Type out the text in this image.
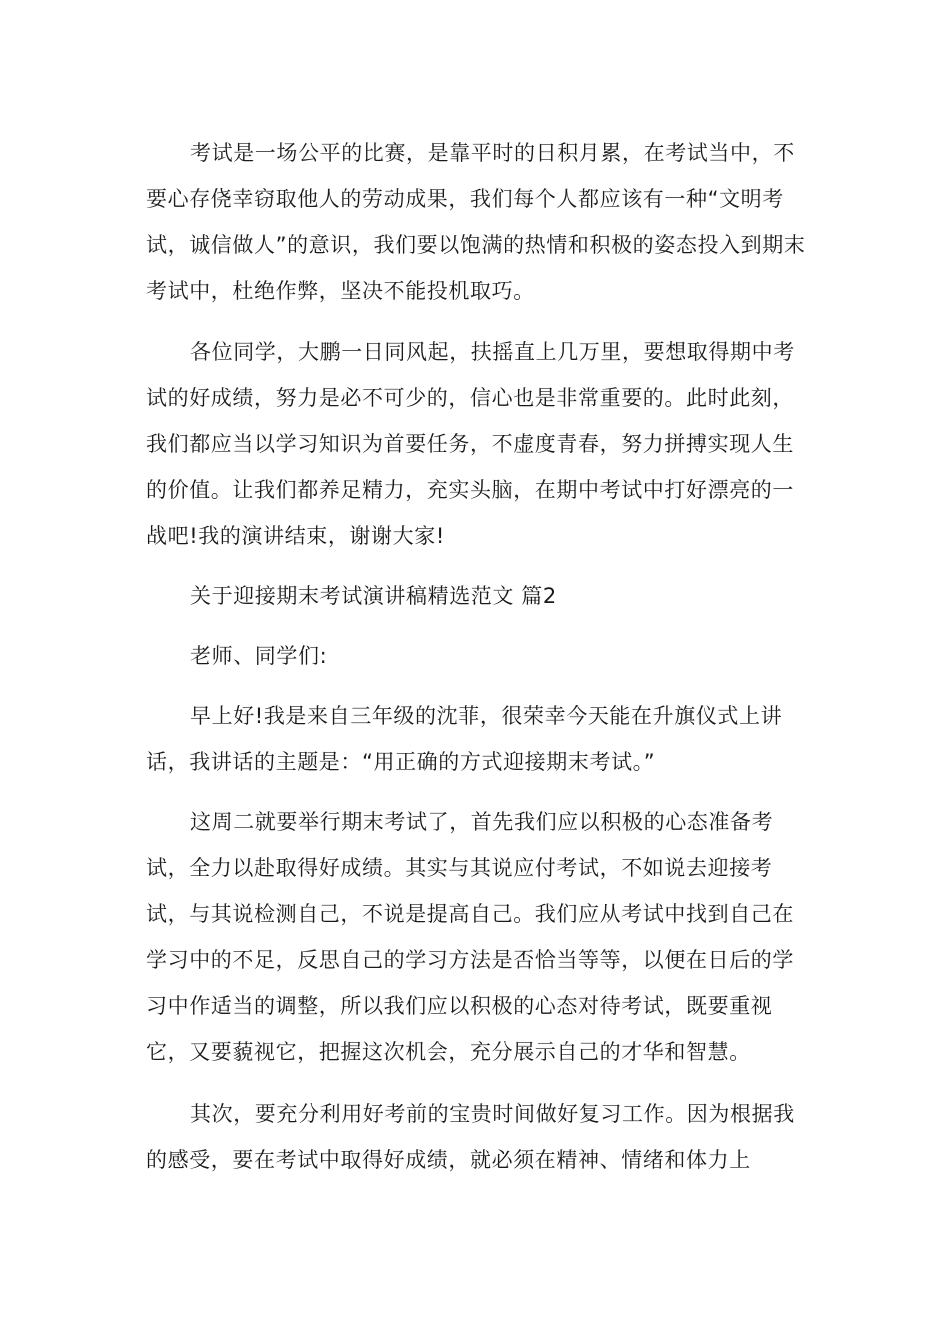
考试是一场公平的比赛，是靠平时的日积月累，在考试当中，不要心存侥幸窃取他人的劳动成果，我们每个人都应该有一种“文明考试，诚信做人”的意识，我们要以饱满的热情和积极的姿态投入到期末考试中，杜绝作弊，坚决不能投机取巧。

各位同学，大鹏一日同风起，扶摇直上几万里，要想取得期中考试的好成绩，努力是必不可少的，信心也是非常重要的。此时此刻，我们都应当以学习知识为首要任务，不虚度青春，努力拼搏实现人生的价值。让我们都养足精力，充实头脑，在期中考试中打好漂亮的一战吧!我的演讲结束，谢谢大家!

关于迎接期末考试演讲稿精选范文 篇2

老师、同学们:

早上好!我是来自三年级的沈菲，很荣幸今天能在升旗仪式上讲话，我讲话的主题是：“用正确的方式迎接期末考试。”

这周二就要举行期末考试了，首先我们应以积极的心态准备考试，全力以赴取得好成绩。其实与其说应付考试，不如说去迎接考试，与其说检测自己，不说是提高自己。我们应从考试中找到自己在学习中的不足，反思自己的学习方法是否恰当等等，以便在日后的学习中作适当的调整，所以我们应以积极的心态对待考试，既要重视它，又要藐视它，把握这次机会，充分展示自己的才华和智慧。

其次，要充分利用好考前的宝贵时间做好复习工作。因为根据我的感受，要在考试中取得好成绩，就必须在精神、情绪和体力上
